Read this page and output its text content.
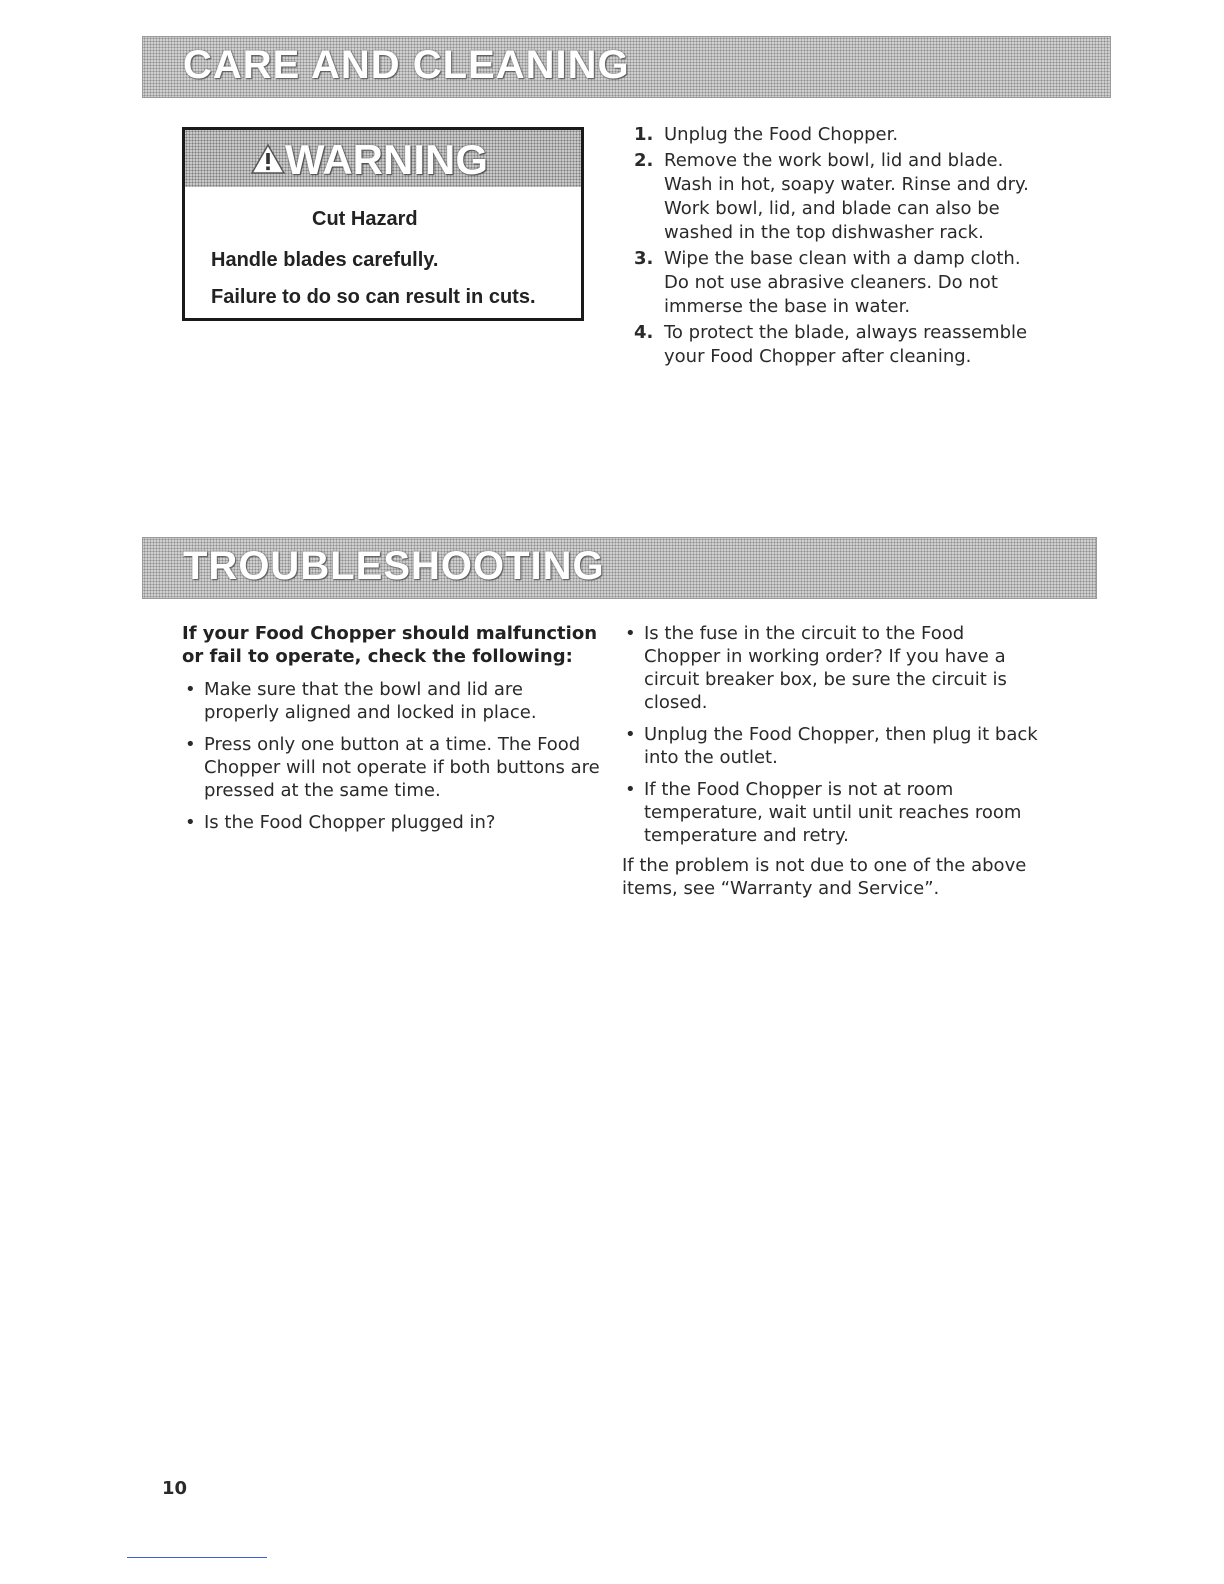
CARE AND CLEANING
WARNING
Cut Hazard
Handle blades carefully.
Failure to do so can result in cuts.
1. Unplug the Food Chopper.
2. Remove the work bowl, lid and blade. Wash in hot, soapy water. Rinse and dry. Work bowl, lid, and blade can also be washed in the top dishwasher rack.
3. Wipe the base clean with a damp cloth. Do not use abrasive cleaners. Do not immerse the base in water.
4. To protect the blade, always reassemble your Food Chopper after cleaning.
TROUBLESHOOTING
If your Food Chopper should malfunction or fail to operate, check the following:
• Make sure that the bowl and lid are properly aligned and locked in place.
• Press only one button at a time. The Food Chopper will not operate if both buttons are pressed at the same time.
• Is the Food Chopper plugged in?
• Is the fuse in the circuit to the Food Chopper in working order? If you have a circuit breaker box, be sure the circuit is closed.
• Unplug the Food Chopper, then plug it back into the outlet.
• If the Food Chopper is not at room temperature, wait until unit reaches room temperature and retry.
If the problem is not due to one of the above items, see “Warranty and Service”.
10
